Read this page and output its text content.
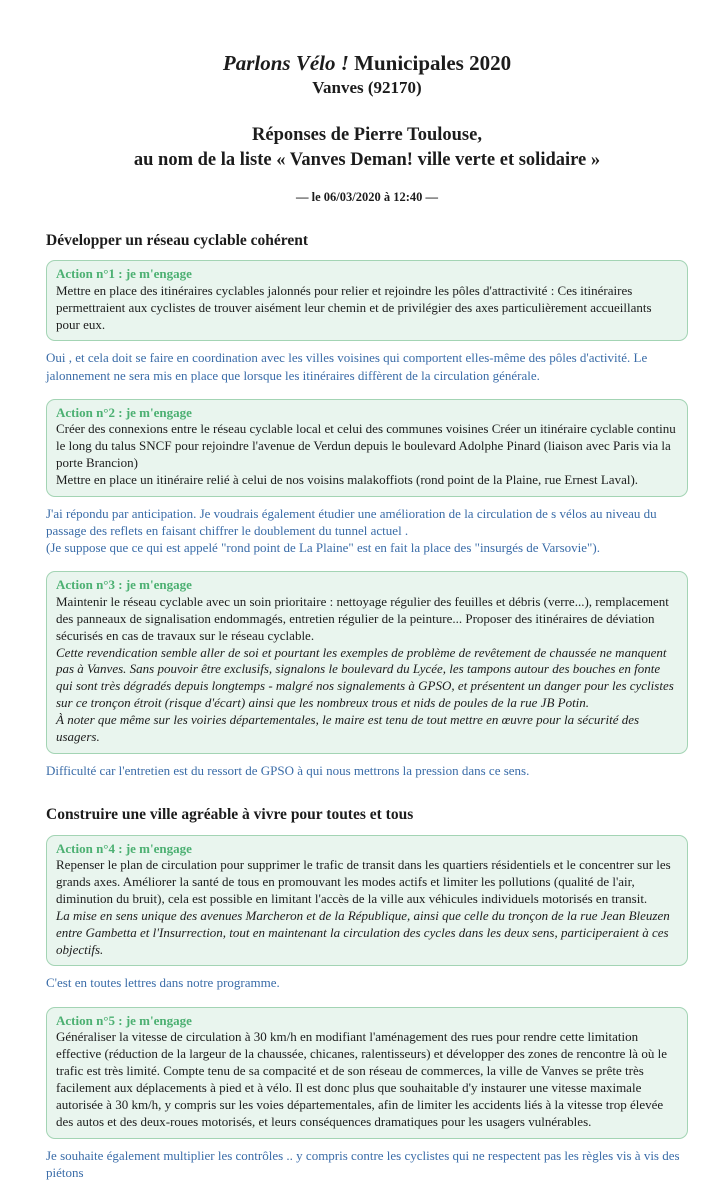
Parlons Vélo ! Municipales 2020
Vanves (92170)
Réponses de Pierre Toulouse,
au nom de la liste « Vanves Deman! ville verte et solidaire »
— le 06/03/2020 à 12:40 —
Développer un réseau cyclable cohérent
Action n°1 : je m'engage

Mettre en place des itinéraires cyclables jalonnés pour relier et rejoindre les pôles d'attractivité : Ces itinéraires permettraient aux cyclistes de trouver aisément leur chemin et de privilégier des axes particulièrement accueillants pour eux.

Oui , et cela doit se faire en coordination avec les villes voisines qui comportent elles-même des pôles d'activité. Le jalonnement ne sera mis en place que lorsque les itinéraires diffèrent de la circulation générale.

Action n°2 : je m'engage

Créer des connexions entre le réseau cyclable local et celui des communes voisines Créer un itinéraire cyclable continu le long du talus SNCF pour rejoindre l'avenue de Verdun depuis le boulevard Adolphe Pinard (liaison avec Paris via la porte Brancion)

Mettre en place un itinéraire relié à celui de nos voisins malakoffiots (rond point de la Plaine, rue Ernest Laval).

J'ai répondu par anticipation. Je voudrais également étudier une amélioration de la circulation de s vélos au niveau du passage des reflets en faisant chiffrer le doublement du tunnel actuel .

(Je suppose que ce qui est appelé "rond point de La Plaine" est en fait la place des "insurgés de Varsovie").

Action n°3 : je m'engage

Maintenir le réseau cyclable avec un soin prioritaire : nettoyage régulier des feuilles et débris (verre...), remplacement des panneaux de signalisation endommagés, entretien régulier de la peinture... Proposer des itinéraires de déviation sécurisés en cas de travaux sur le réseau cyclable.

Cette revendication semble aller de soi et pourtant les exemples de problème de revêtement de chaussée ne manquent pas à Vanves. Sans pouvoir être exclusifs, signalons le boulevard du Lycée, les tampons autour des bouches en fonte qui sont très dégradés depuis longtemps - malgré nos signalements à GPSO, et présentent un danger pour les cyclistes sur ce tronçon étroit (risque d'écart) ainsi que les nombreux trous et nids de poules de la rue JB Potin.

À noter que même sur les voiries départementales, le maire est tenu de tout mettre en œuvre pour la sécurité des usagers.

Difficulté car l'entretien est du ressort de GPSO à qui nous mettrons la pression dans ce sens.

Construire une ville agréable à vivre pour toutes et tous
Action n°4 : je m'engage

Repenser le plan de circulation pour supprimer le trafic de transit dans les quartiers résidentiels et le concentrer sur les grands axes. Améliorer la santé de tous en promouvant les modes actifs et limiter les pollutions (qualité de l'air, diminution du bruit), cela est possible en limitant l'accès de la ville aux véhicules individuels motorisés en transit.

La mise en sens unique des avenues Marcheron et de la République, ainsi que celle du tronçon de la rue Jean Bleuzen entre Gambetta et l'Insurrection, tout en maintenant la circulation des cycles dans les deux sens, participeraient à ces objectifs.

C'est en toutes lettres dans notre programme.

Action n°5 : je m'engage

Généraliser la vitesse de circulation à 30 km/h en modifiant l'aménagement des rues pour rendre cette limitation effective (réduction de la largeur de la chaussée, chicanes, ralentisseurs) et développer des zones de rencontre là où le trafic est très limité. Compte tenu de sa compacité et de son réseau de commerces, la ville de Vanves se prête très facilement aux déplacements à pied et à vélo. Il est donc plus que souhaitable d'y instaurer une vitesse maximale autorisée à 30 km/h, y compris sur les voies départementales, afin de limiter les accidents liés à la vitesse trop élevée des autos et des deux-roues motorisés, et leurs conséquences dramatiques pour les usagers vulnérables.

Je souhaite également multiplier les contrôles .. y compris contre les cyclistes qui ne respectent pas les règles vis à vis des piétons
